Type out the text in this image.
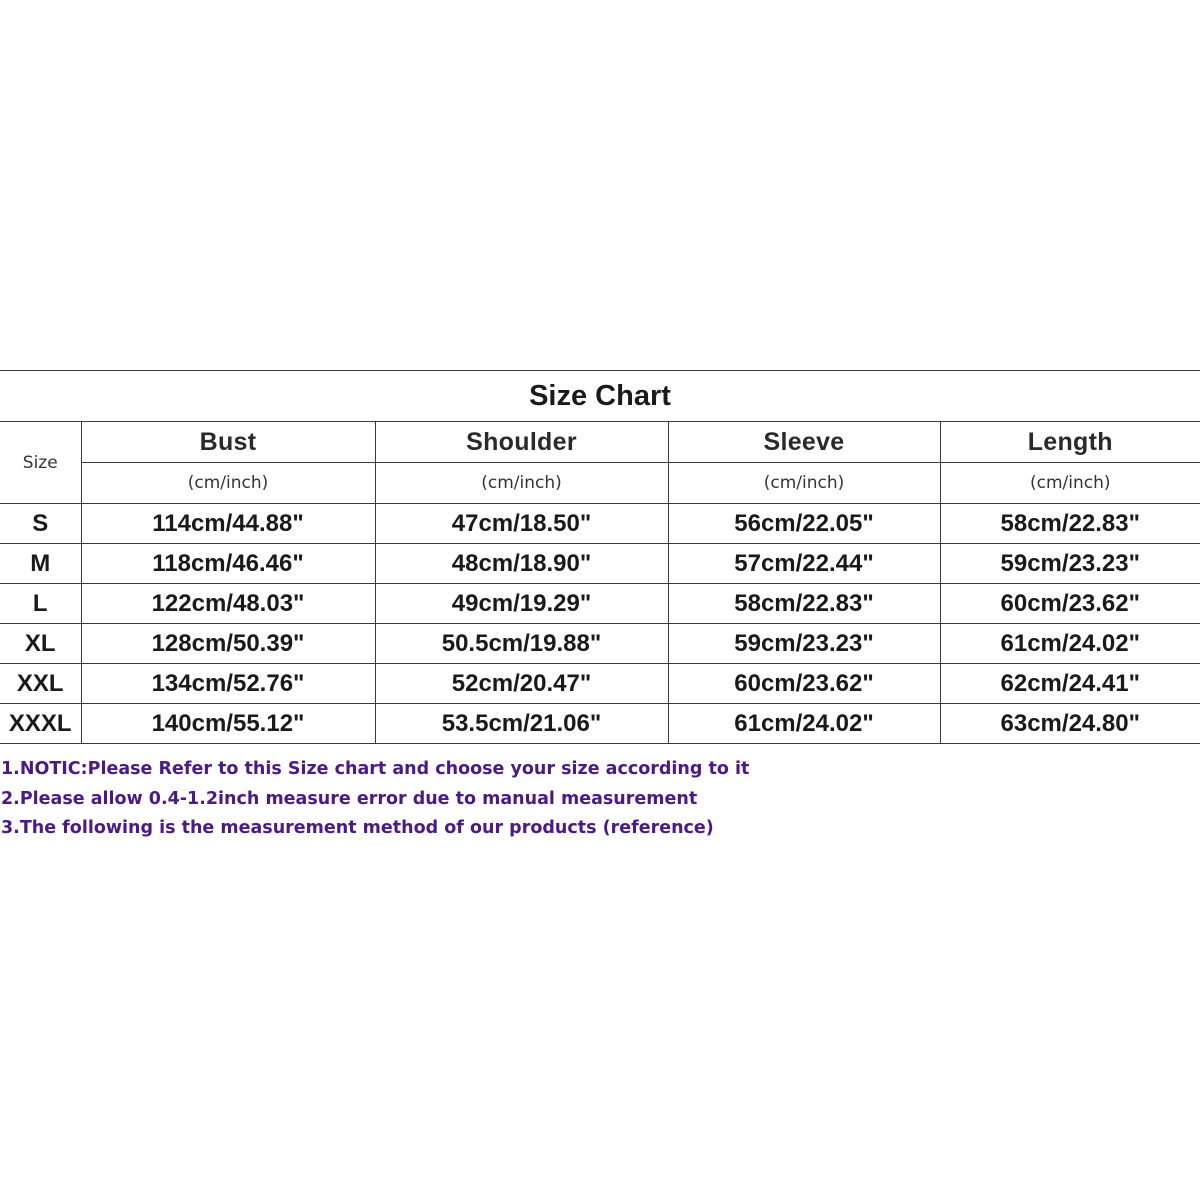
Size Chart				
Size	Bust	Shoulder	Sleeve	Length
	(cm/inch)	(cm/inch)	(cm/inch)	(cm/inch)
S	114cm/44.88"	47cm/18.50"	56cm/22.05"	58cm/22.83"
M	118cm/46.46"	48cm/18.90"	57cm/22.44"	59cm/23.23"
L	122cm/48.03"	49cm/19.29"	58cm/22.83"	60cm/23.62"
XL	128cm/50.39"	50.5cm/19.88"	59cm/23.23"	61cm/24.02"
XXL	134cm/52.76"	52cm/20.47"	60cm/23.62"	62cm/24.41"
XXXL	140cm/55.12"	53.5cm/21.06"	61cm/24.02"	63cm/24.80"
1.NOTIC:Please Refer to this Size chart and choose your size according to it
2.Please allow 0.4-1.2inch measure error due to manual measurement
3.The following is the measurement method of our products (reference)
